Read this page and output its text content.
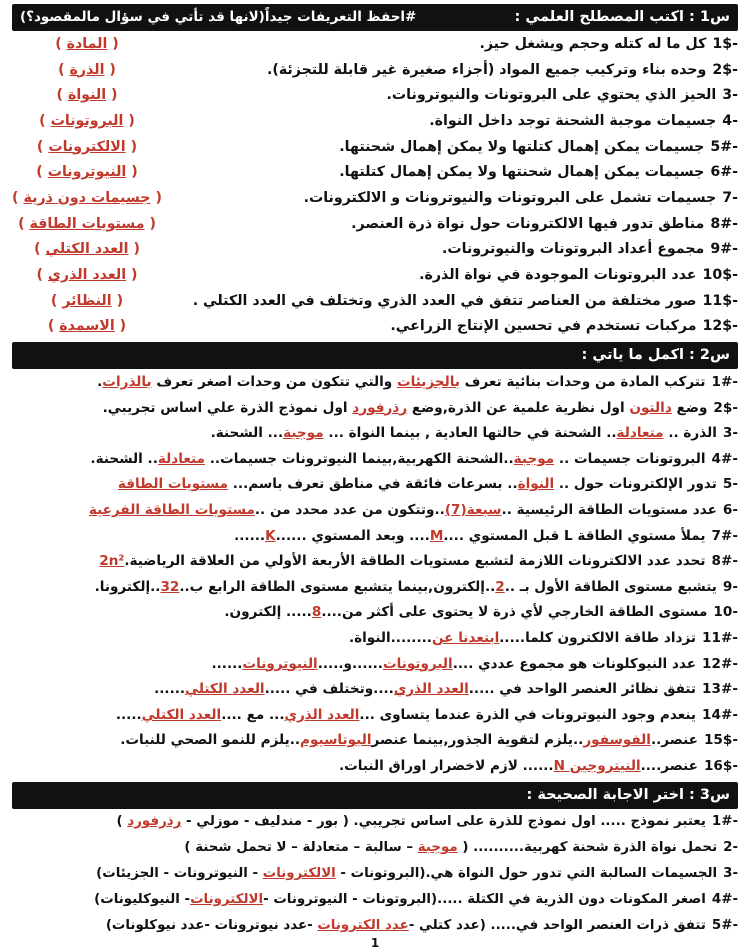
س1 : اكتب المصطلح العلمي :
#احفظ التعريفات جيداً(لانها قد تأتي في سؤال مالمقصود؟)
-1$كل ما له كتله وحجم ويشغل حيز.
( المادة )
-2$وحده بناء وتركيب جميع المواد (أجزاء صغيرة غير قابلة للتجزئة).
( الذرة )
-3الحيز الذي يحتوي على البروتونات والنيوترونات.
( النواة )
-4جسيمات موجبة الشحنة توجد داخل النواة.
( البروتونات )
-5#جسيمات يمكن إهمال كتلتها ولا يمكن إهمال شحنتها.
( الالكترونات )
-6#جسيمات يمكن إهمال شحنتها ولا يمكن إهمال كتلتها.
( النيوترونات )
-7جسيمات تشمل على البروتونات والنيوترونات و الالكترونات.
( جسيمات دون ذرية )
-8#مناطق تدور فيها الالكترونات حول نواة ذرة العنصر.
( مستويات الطاقة )
-9#مجموع أعداد البروتونات والنيوترونات.
( العدد الكتلي )
-10$عدد البروتونات الموجودة في نواة الذرة.
( العدد الذري )
-11$صور مختلفة من العناصر تتفق في العدد الذري وتختلف في العدد الكتلي .
( النظائر )
-12$مركبات تستخدم في تحسين الإنتاج الزراعي.
( الاسمدة )
س2 : اكمل ما ياتي :
-1#تتركب المادة من وحدات بنائية تعرف بالجزيئات والتي تتكون من وحدات اصغر تعرف بالذرات.
-2$وضع دالتون اول نظرية علمية عن الذرة,وضع رذرفورد اول نموذج الذرة علي اساس تجريبي.
-3الذرة .. متعادلة.. الشحنة في حالتها العادية , بينما النواة ... موجبة... الشحنة.
-4#البروتونات جسيمات .. موجبة..الشحنة الكهربية,بينما النيوترونات جسيمات.. متعادلة.. الشحنة.
-5تدور الإلكترونات حول .. النواة.. بسرعات فائقة في مناطق تعرف باسم... مستويات الطاقة
-6عدد مستويات الطاقة الرئيسية ..سبعة(7)..وتتكون من عدد محدد من ..مستويات الطاقة الفرعية
-7#يملأ مستوي الطاقة L قبل المستوي ....M.... وبعد المستوي ......K......
-8#تحدد عدد الالكترونات اللازمة لتشبع مستويات الطاقة الأربعة الأولي من العلاقة الرياضية.2n²
-9يتشبع مستوى الطاقة الأول بـ ..2..إلكترون,بينما يتشبع مستوى الطاقة الرابع ب..32..إلكترونا.
-10مستوى الطاقة الخارجي لأي ذرة لا يحتوى على أكثر من....8..... إلكترون.
-11#تزداد طاقة الالكترون كلما.....ابتعدنا عن........النواة.
-12#عدد النيوكلونات هو مجموع عددي ....البروتونات......و.....النيوترونات......
-13#تتفق نظائر العنصر الواحد في .....العدد الذري....وتختلف في .....العدد الكتلي......
-14#ينعدم وجود النيوترونات في الذرة عندما يتساوى ...العدد الذري... مع ....العدد الكتلي.....
-15$عنصر..الفوسفور..يلزم لتقوية الجذور,بينما عنصرالبوتاسيوم..يلزم للنمو الصحي للنبات.
-16$عنصر....النيتروجين N...... لازم لاخضرار اوراق النبات.
س3 : اختر الاجابة الصحيحة :
-1#يعتبر نموذج ..... اول نموذج للذرة على اساس تجريبي. ( بور - مندليف - موزلي - رذرفورد )
-2تحمل نواة الذرة شحنة كهربية.......... ( موجبة – سالبة – متعادلة – لا تحمل شحنة )
-3الجسيمات السالبة التي تدور حول النواة هي.(البروتونات - الالكترونات - النيوترونات - الجزيئات)
-4#اصغر المكونات دون الذرية في الكتلة .....(البروتونات - النيوترونات -الالكترونات- النيوكليونات)
-5#تتفق ذرات العنصر الواحد في..... (عدد كتلي -عدد الكترونات -عدد نيوترونات -عدد نيوكلونات)
1
